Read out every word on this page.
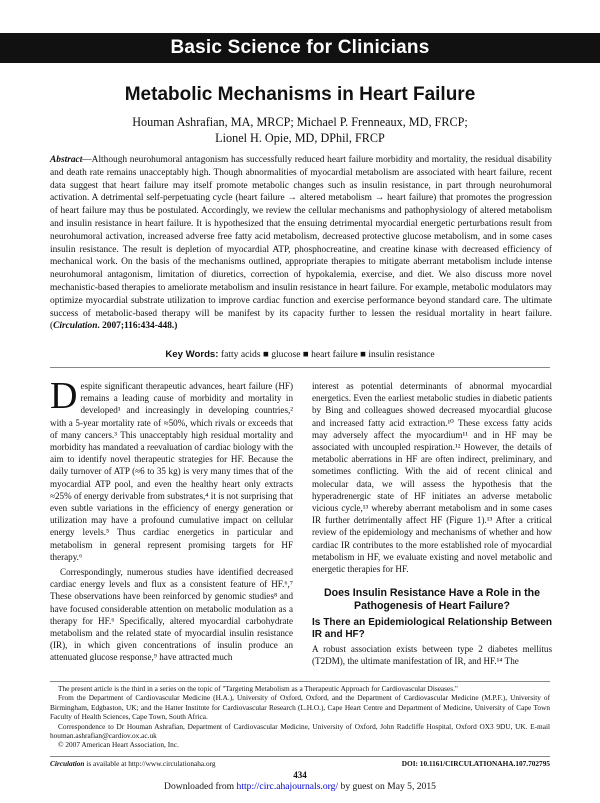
Basic Science for Clinicians
Metabolic Mechanisms in Heart Failure
Houman Ashrafian, MA, MRCP; Michael P. Frenneaux, MD, FRCP;
Lionel H. Opie, MD, DPhil, FRCP
Abstract—Although neurohumoral antagonism has successfully reduced heart failure morbidity and mortality, the residual disability and death rate remains unacceptably high. Though abnormalities of myocardial metabolism are associated with heart failure, recent data suggest that heart failure may itself promote metabolic changes such as insulin resistance, in part through neurohumoral activation. A detrimental self-perpetuating cycle (heart failure → altered metabolism → heart failure) that promotes the progression of heart failure may thus be postulated. Accordingly, we review the cellular mechanisms and pathophysiology of altered metabolism and insulin resistance in heart failure. It is hypothesized that the ensuing detrimental myocardial energetic perturbations result from neurohumoral activation, increased adverse free fatty acid metabolism, decreased protective glucose metabolism, and in some cases insulin resistance. The result is depletion of myocardial ATP, phosphocreatine, and creatine kinase with decreased efficiency of mechanical work. On the basis of the mechanisms outlined, appropriate therapies to mitigate aberrant metabolism include intense neurohumoral antagonism, limitation of diuretics, correction of hypokalemia, exercise, and diet. We also discuss more novel mechanistic-based therapies to ameliorate metabolism and insulin resistance in heart failure. For example, metabolic modulators may optimize myocardial substrate utilization to improve cardiac function and exercise performance beyond standard care. The ultimate success of metabolic-based therapy will be manifest by its capacity further to lessen the residual mortality in heart failure. (Circulation. 2007;116:434-448.)
Key Words: fatty acids ■ glucose ■ heart failure ■ insulin resistance

Despite significant therapeutic advances, heart failure (HF) remains a leading cause of morbidity and mortality in developed¹ and increasingly in developing countries,² with a 5-year mortality rate of ≈50%, which rivals or exceeds that of many cancers.³ This unacceptably high residual mortality and morbidity has mandated a reevaluation of cardiac biology with the aim to identify novel therapeutic strategies for HF. Because the daily turnover of ATP (≈6 to 35 kg) is very many times that of the myocardial ATP pool, and even the healthy heart only extracts ≈25% of energy derivable from substrates,⁴ it is not surprising that even subtle variations in the efficiency of energy generation or utilization may have a profound cumulative impact on cellular energy levels.⁵ Thus cardiac energetics in particular and metabolism in general represent promising targets for HF therapy.⁶

Correspondingly, numerous studies have identified decreased cardiac energy levels and flux as a consistent feature of HF.⁶,⁷ These observations have been reinforced by genomic studies⁸ and have focused considerable attention on metabolic modulation as a therapy for HF.⁶ Specifically, altered myocardial carbohydrate metabolism and the related state of myocardial insulin resistance (IR), in which given concentrations of insulin produce an attenuated glucose response,⁹ have attracted much

interest as potential determinants of abnormal myocardial energetics. Even the earliest metabolic studies in diabetic patients by Bing and colleagues showed decreased myocardial glucose and increased fatty acid extraction.¹⁰ These excess fatty acids may adversely affect the myocardium¹¹ and in HF may be associated with uncoupled respiration.¹² However, the details of metabolic aberrations in HF are often indirect, preliminary, and sometimes conflicting. With the aid of recent clinical and molecular data, we will assess the hypothesis that the hyperadrenergic state of HF initiates an adverse metabolic vicious cycle,¹³ whereby aberrant metabolism and in some cases IR further detrimentally affect HF (Figure 1).¹³ After a critical review of the epidemiology and mechanisms of whether and how cardiac IR contributes to the more established role of myocardial metabolism in HF, we evaluate existing and novel metabolic and energetic therapies for HF.

Does Insulin Resistance Have a Role in the Pathogenesis of Heart Failure?
Is There an Epidemiological Relationship Between IR and HF?

A robust association exists between type 2 diabetes mellitus (T2DM), the ultimate manifestation of IR, and HF.¹⁴ The

The present article is the third in a series on the topic of "Targeting Metabolism as a Therapeutic Approach for Cardiovascular Diseases."

From the Department of Cardiovascular Medicine (H.A.), University of Oxford, Oxford, and the Department of Cardiovascular Medicine (M.P.F.), University of Birmingham, Edgbaston, UK; and the Hatter Institute for Cardiovascular Research (L.H.O.), Cape Heart Centre and Department of Medicine, University of Cape Town Faculty of Health Sciences, Cape Town, South Africa.

Correspondence to Dr Houman Ashrafian, Department of Cardiovascular Medicine, University of Oxford, John Radcliffe Hospital, Oxford OX3 9DU, UK. E-mail houman.ashrafian@cardiov.ox.ac.uk

© 2007 American Heart Association, Inc.

Circulation is available at http://www.circulationaha.org	DOI: 10.1161/CIRCULATIONAHA.107.702795
434
Downloaded from http://circ.ahajournals.org/ by guest on May 5, 2015
